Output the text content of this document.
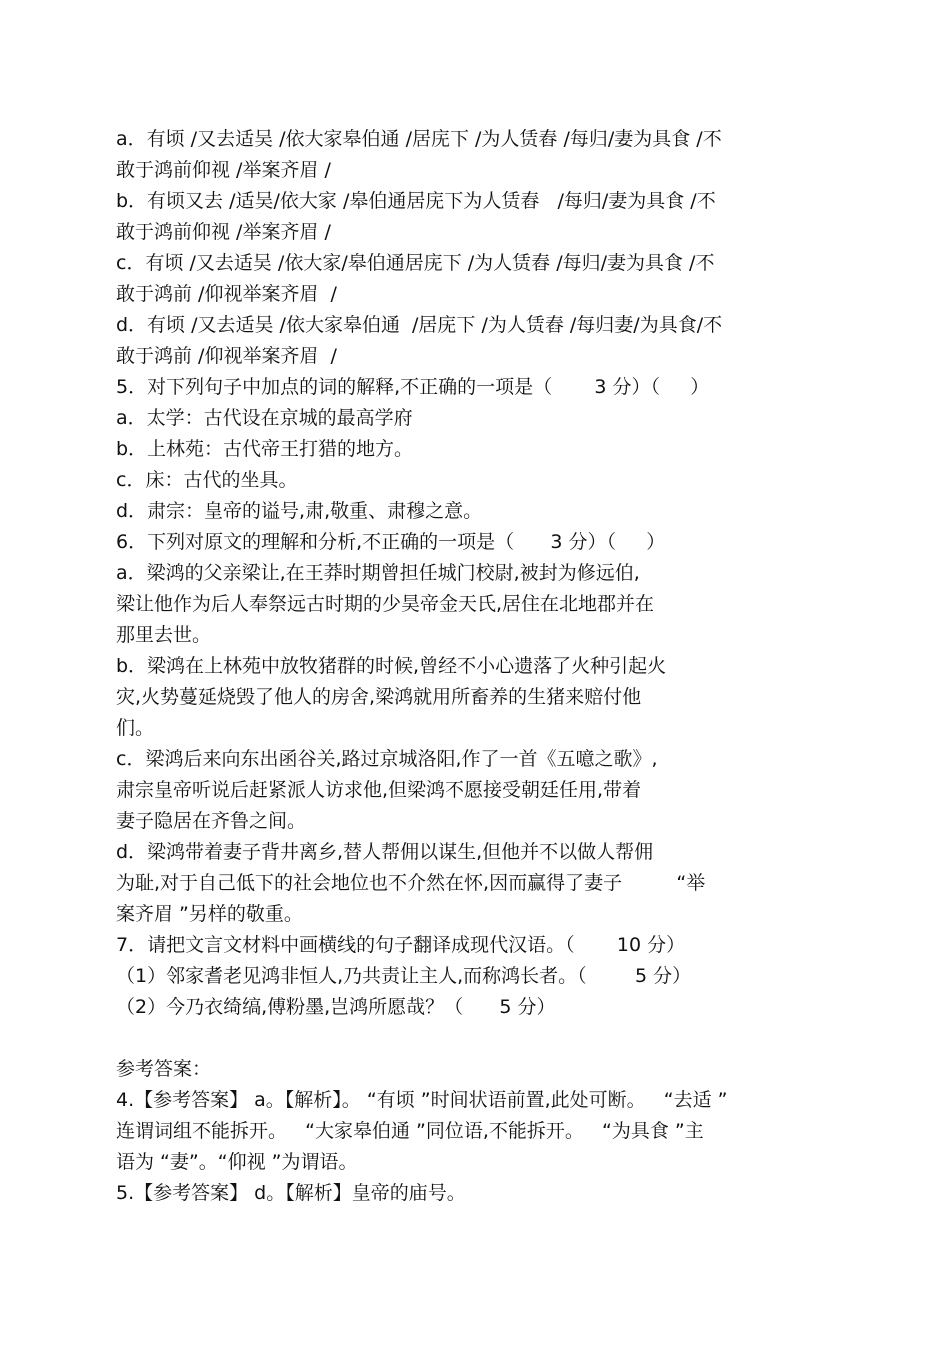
a．有顷 /又去适吴 /依大家皋伯通 /居庑下 /为人赁舂 /每归/妻为具食 /不
敢于鸿前仰视 /举案齐眉 /
b．有顷又去 /适吴/依大家 /皋伯通居庑下为人赁舂   /每归/妻为具食 /不
敢于鸿前仰视 /举案齐眉 /
c．有顷 /又去适吴 /依大家/皋伯通居庑下 /为人赁舂 /每归/妻为具食 /不
敢于鸿前 /仰视举案齐眉  /
d．有顷 /又去适吴 /依大家皋伯通  /居庑下 /为人赁舂 /每归妻/为具食/不
敢于鸿前 /仰视举案齐眉  /
5．对下列句子中加点的词的解释,不正确的一项是（       3 分）（     ）
a．太学：古代设在京城的最高学府
b．上林苑：古代帝王打猎的地方。
c．床：古代的坐具。
d．肃宗：皇帝的谥号,肃,敬重、肃穆之意。
6．下列对原文的理解和分析,不正确的一项是（      3 分）（     ）
a．梁鸿的父亲梁让,在王莽时期曾担任城门校尉,被封为修远伯,
梁让他作为后人奉祭远古时期的少昊帝金天氏,居住在北地郡并在
那里去世。
b．梁鸿在上林苑中放牧猪群的时候,曾经不小心遗落了火种引起火
灾,火势蔓延烧毁了他人的房舍,梁鸿就用所畜养的生猪来赔付他
们。
c．梁鸿后来向东出函谷关,路过京城洛阳,作了一首《五噫之歌》,
肃宗皇帝听说后赶紧派人访求他,但梁鸿不愿接受朝廷任用,带着
妻子隐居在齐鲁之间。
d．梁鸿带着妻子背井离乡,替人帮佣以谋生,但他并不以做人帮佣
为耻,对于自己低下的社会地位也不介然在怀,因而赢得了妻子         “举
案齐眉 ”另样的敬重。
7．请把文言文材料中画横线的句子翻译成现代汉语。（       10 分）
（1）邻家耆老见鸿非恒人,乃共责让主人,而称鸿长者。（        5 分）
（2）今乃衣绮缟,傅粉墨,岂鸿所愿哉？（      5 分）
参考答案：
4.【参考答案】 a。【解析】。 “有顷 ”时间状语前置,此处可断。   “去适 ”
连谓词组不能拆开。   “大家皋伯通 ”同位语,不能拆开。   “为具食 ”主
语为 “妻”。“仰视 ”为谓语。
5.【参考答案】 d。【解析】皇帝的庙号。
